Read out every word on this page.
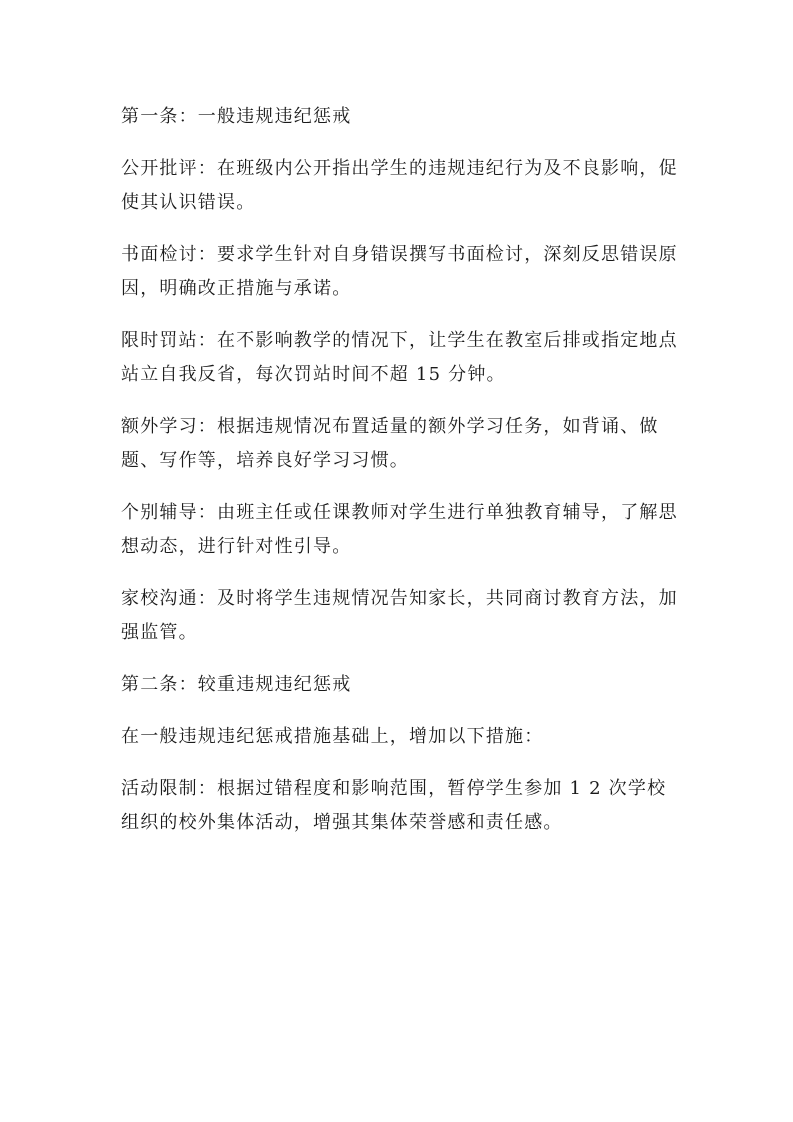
第一条：一般违规违纪惩戒

公开批评：在班级内公开指出学生的违规违纪行为及不良影响，促使其认识错误。

书面检讨：要求学生针对自身错误撰写书面检讨，深刻反思错误原因，明确改正措施与承诺。

限时罚站：在不影响教学的情况下，让学生在教室后排或指定地点站立自我反省，每次罚站时间不超 15 分钟。

额外学习：根据违规情况布置适量的额外学习任务，如背诵、做题、写作等，培养良好学习习惯。

个别辅导：由班主任或任课教师对学生进行单独教育辅导，了解思想动态，进行针对性引导。

家校沟通：及时将学生违规情况告知家长，共同商讨教育方法，加强监管。

第二条：较重违规违纪惩戒

在一般违规违纪惩戒措施基础上，增加以下措施：

活动限制：根据过错程度和影响范围，暂停学生参加 1 2 次学校组织的校外集体活动，增强其集体荣誉感和责任感。
